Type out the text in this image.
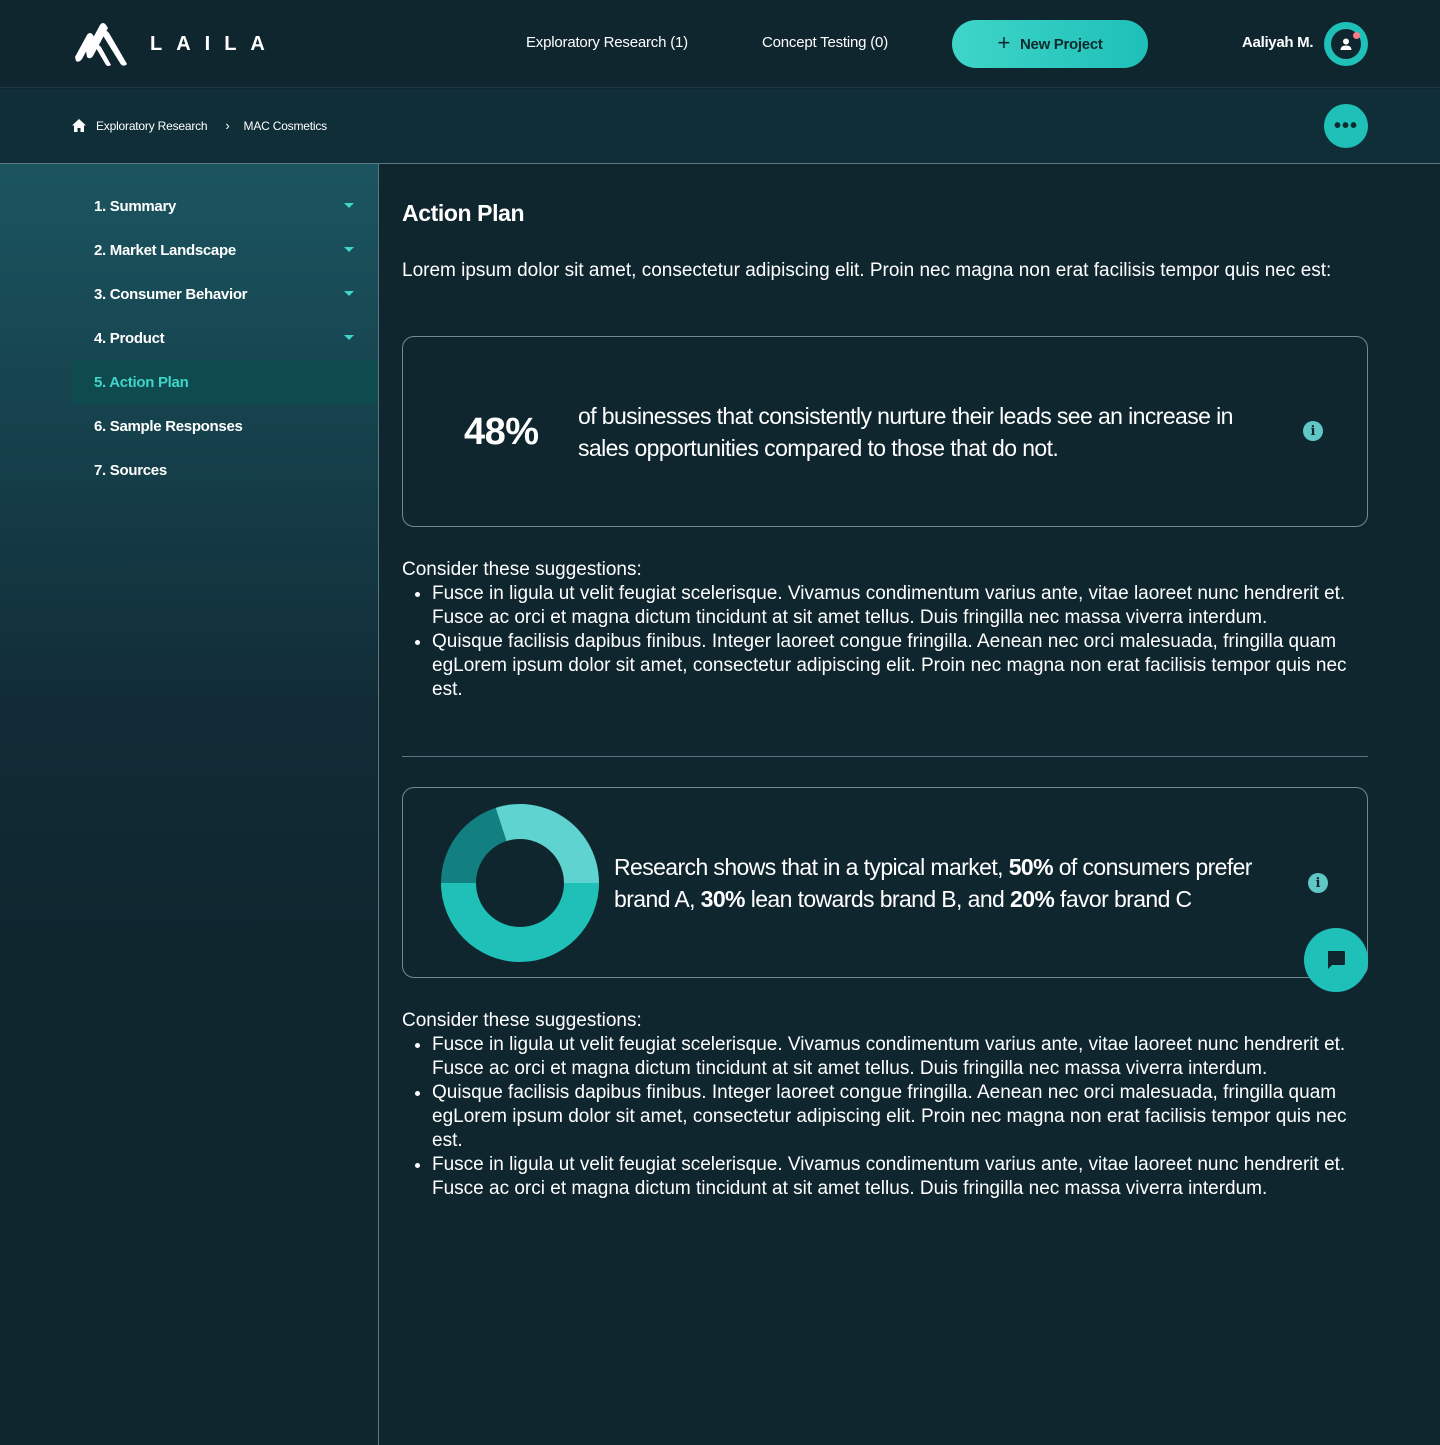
LAILA	Exploratory Research (1)	Concept Testing (0)	+ New Project	Aaliyah M.
Exploratory Research › MAC Cosmetics	•••
1. Summary
2. Market Landscape
3. Consumer Behavior
4. Product
5. Action Plan
6. Sample Responses
7. Sources
Action Plan

Lorem ipsum dolor sit amet, consectetur adipiscing elit. Proin nec magna non erat facilisis tempor quis nec est:

48% of businesses that consistently nurture their leads see an increase in sales opportunities compared to those that do not.

i

Consider these suggestions:

• Fusce in ligula ut velit feugiat scelerisque. Vivamus condimentum varius ante, vitae laoreet nunc hendrerit et. Fusce ac orci et magna dictum tincidunt at sit amet tellus. Duis fringilla nec massa viverra interdum.
• Quisque facilisis dapibus finibus. Integer laoreet congue fringilla. Aenean nec orci malesuada, fringilla quam egLorem ipsum dolor sit amet, consectetur adipiscing elit. Proin nec magna non erat facilisis tempor quis nec est.

Research shows that in a typical market, 50% of consumers prefer brand A, 30% lean towards brand B, and 20% favor brand C

i

Consider these suggestions:

• Fusce in ligula ut velit feugiat scelerisque. Vivamus condimentum varius ante, vitae laoreet nunc hendrerit et. Fusce ac orci et magna dictum tincidunt at sit amet tellus. Duis fringilla nec massa viverra interdum.
• Quisque facilisis dapibus finibus. Integer laoreet congue fringilla. Aenean nec orci malesuada, fringilla quam egLorem ipsum dolor sit amet, consectetur adipiscing elit. Proin nec magna non erat facilisis tempor quis nec est.
• Fusce in ligula ut velit feugiat scelerisque. Vivamus condimentum varius ante, vitae laoreet nunc hendrerit et. Fusce ac orci et magna dictum tincidunt at sit amet tellus. Duis fringilla nec massa viverra interdum.
